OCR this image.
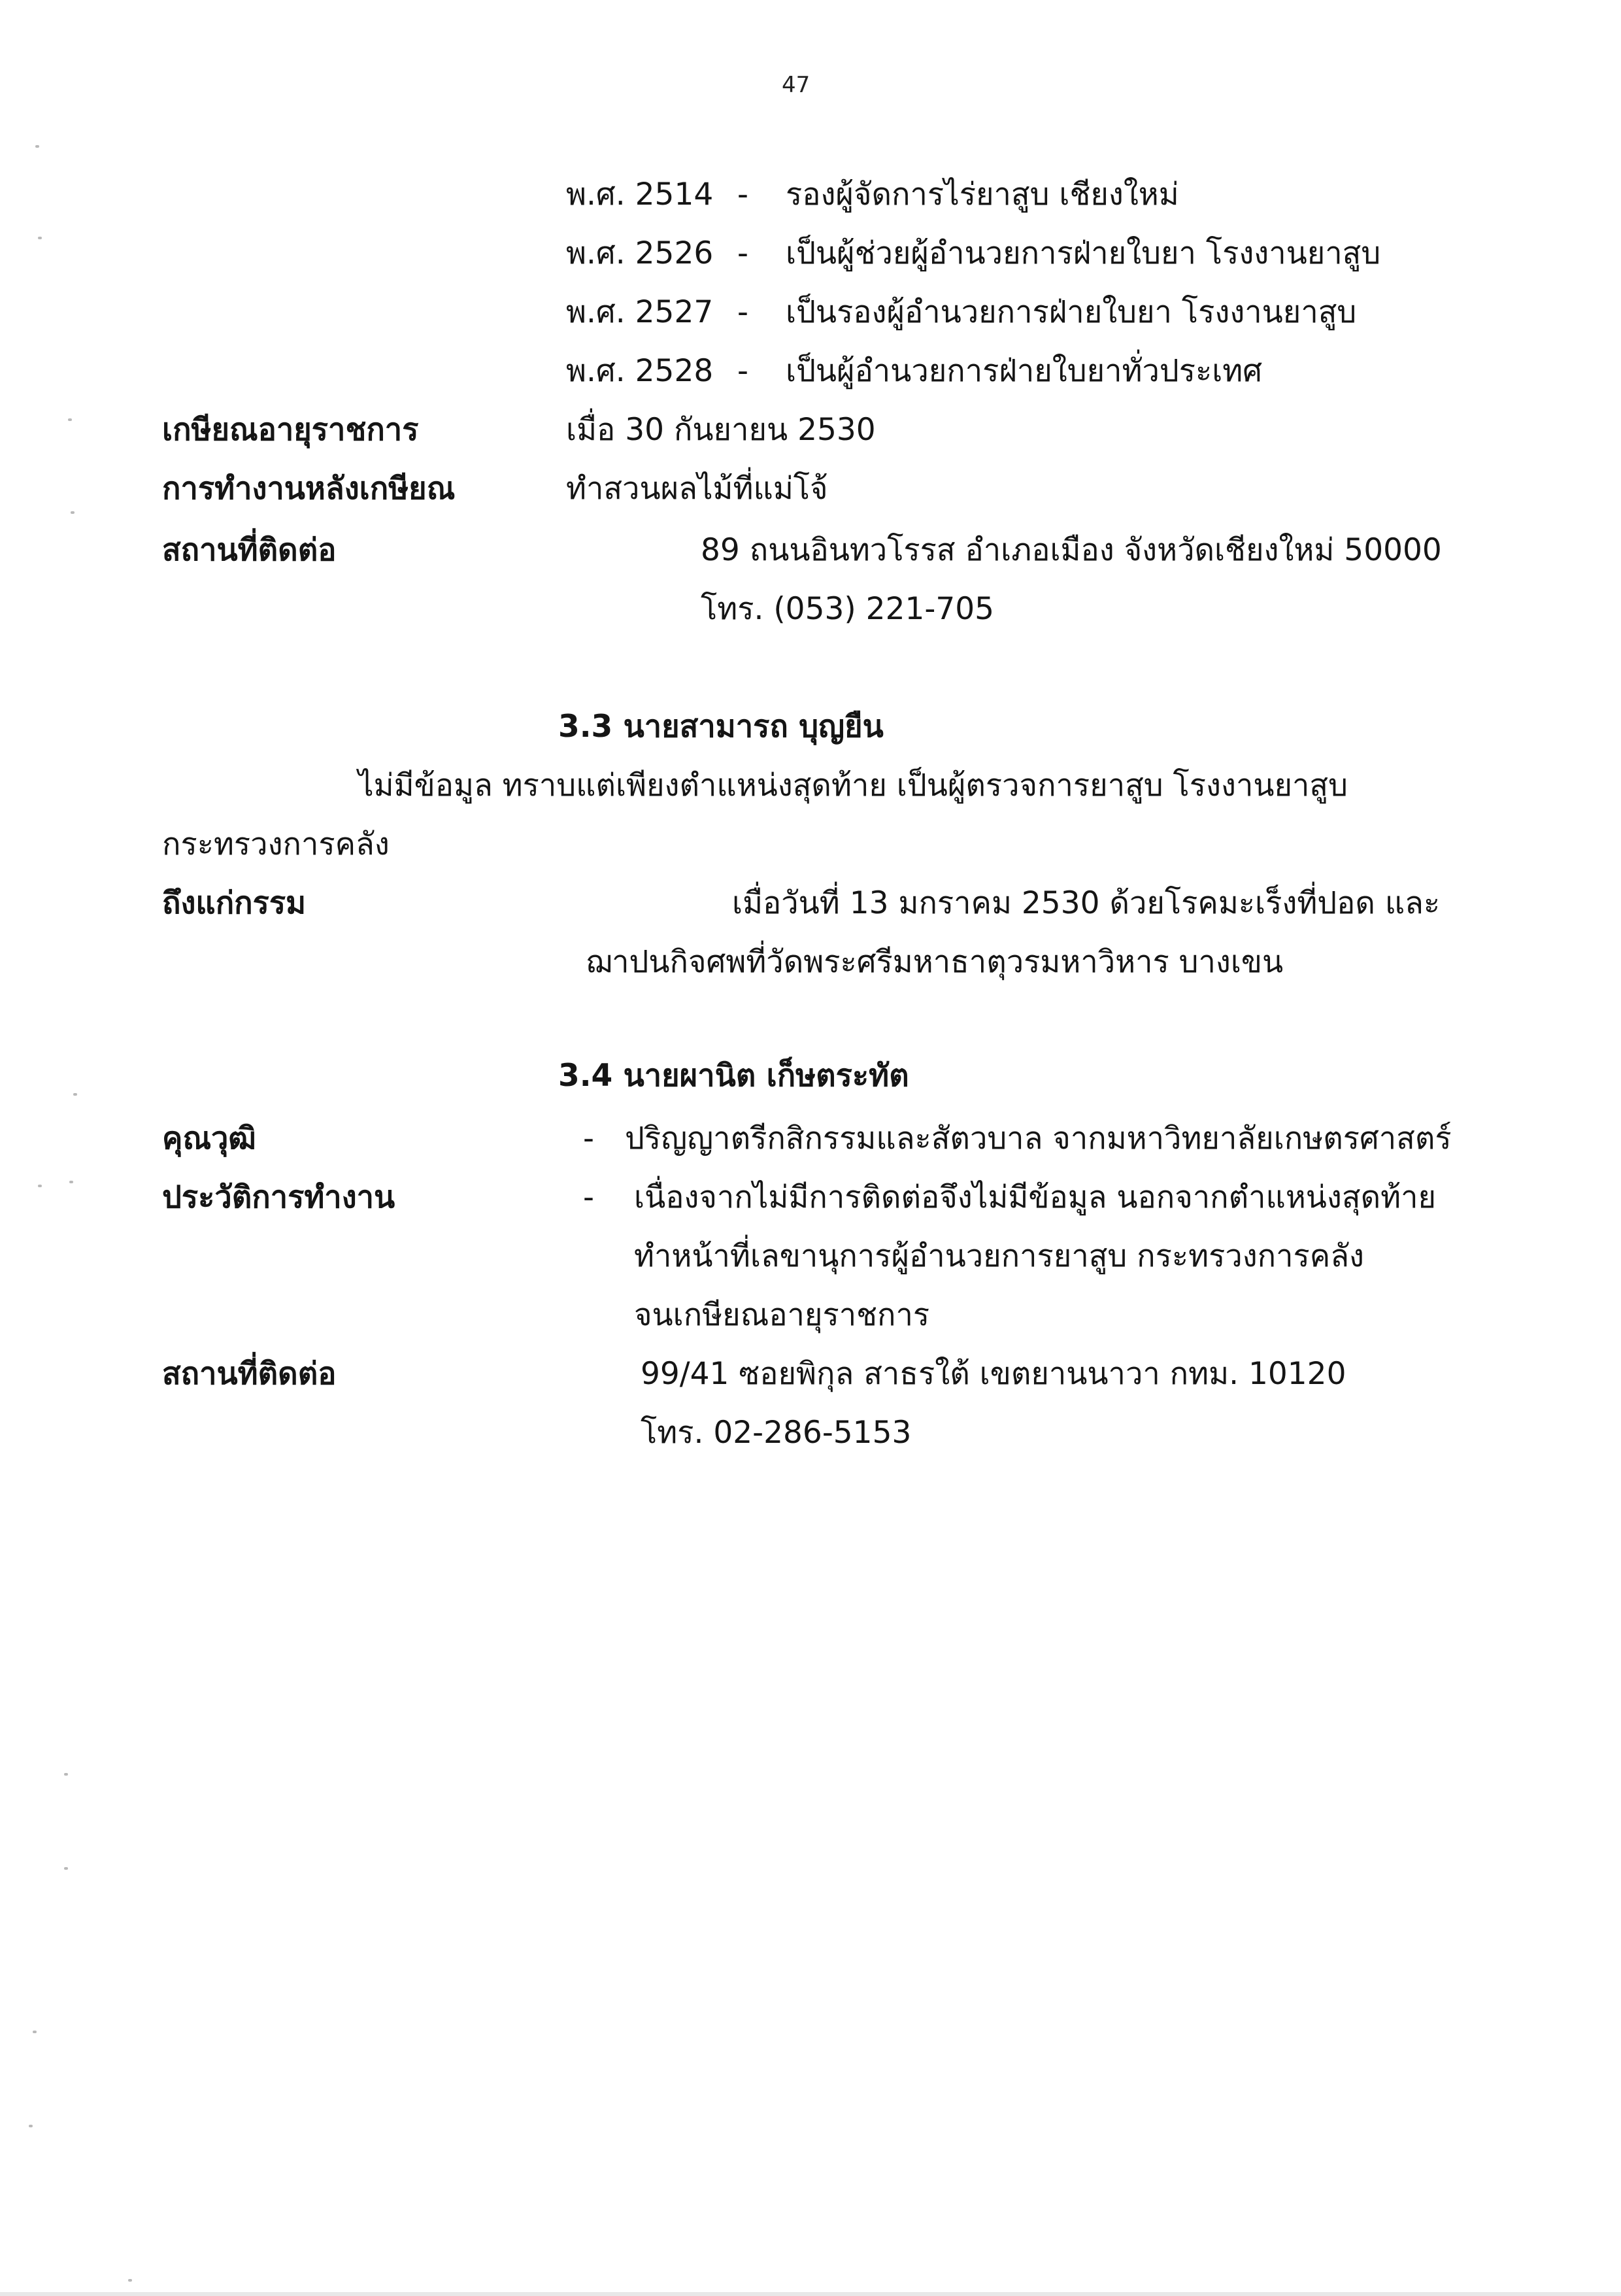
47
พ.ศ. 2514 - รองผู้จัดการไร่ยาสูบ เชียงใหม่
พ.ศ. 2526 - เป็นผู้ช่วยผู้อำนวยการฝ่ายใบยา โรงงานยาสูบ
พ.ศ. 2527 - เป็นรองผู้อำนวยการฝ่ายใบยา โรงงานยาสูบ
พ.ศ. 2528 - เป็นผู้อำนวยการฝ่ายใบยาทั่วประเทศ
เกษียณอายุราชการ	เมื่อ 30 กันยายน 2530
การทำงานหลังเกษียณ	ทำสวนผลไม้ที่แม่โจ้
สถานที่ติดต่อ	89 ถนนอินทวโรรส อำเภอเมือง จังหวัดเชียงใหม่ 50000
โทร. (053) 221-705
3.3 นายสามารถ บุญยืน
ไม่มีข้อมูล ทราบแต่เพียงตำแหน่งสุดท้าย เป็นผู้ตรวจการยาสูบ โรงงานยาสูบ
กระทรวงการคลัง
ถึงแก่กรรม	เมื่อวันที่ 13 มกราคม 2530 ด้วยโรคมะเร็งที่ปอด และ
ฌาปนกิจศพที่วัดพระศรีมหาธาตุวรมหาวิหาร บางเขน
3.4 นายผานิต เก็ษตระทัต
คุณวุฒิ	- ปริญญาตรีกสิกรรมและสัตวบาล จากมหาวิทยาลัยเกษตรศาสตร์
ประวัติการทำงาน	- เนื่องจากไม่มีการติดต่อจึงไม่มีข้อมูล นอกจากตำแหน่งสุดท้าย
ทำหน้าที่เลขานุการผู้อำนวยการยาสูบ กระทรวงการคลัง
จนเกษียณอายุราชการ
สถานที่ติดต่อ	99/41 ซอยพิกุล สาธรใต้ เขตยานนาวา กทม. 10120
โทร. 02-286-5153
